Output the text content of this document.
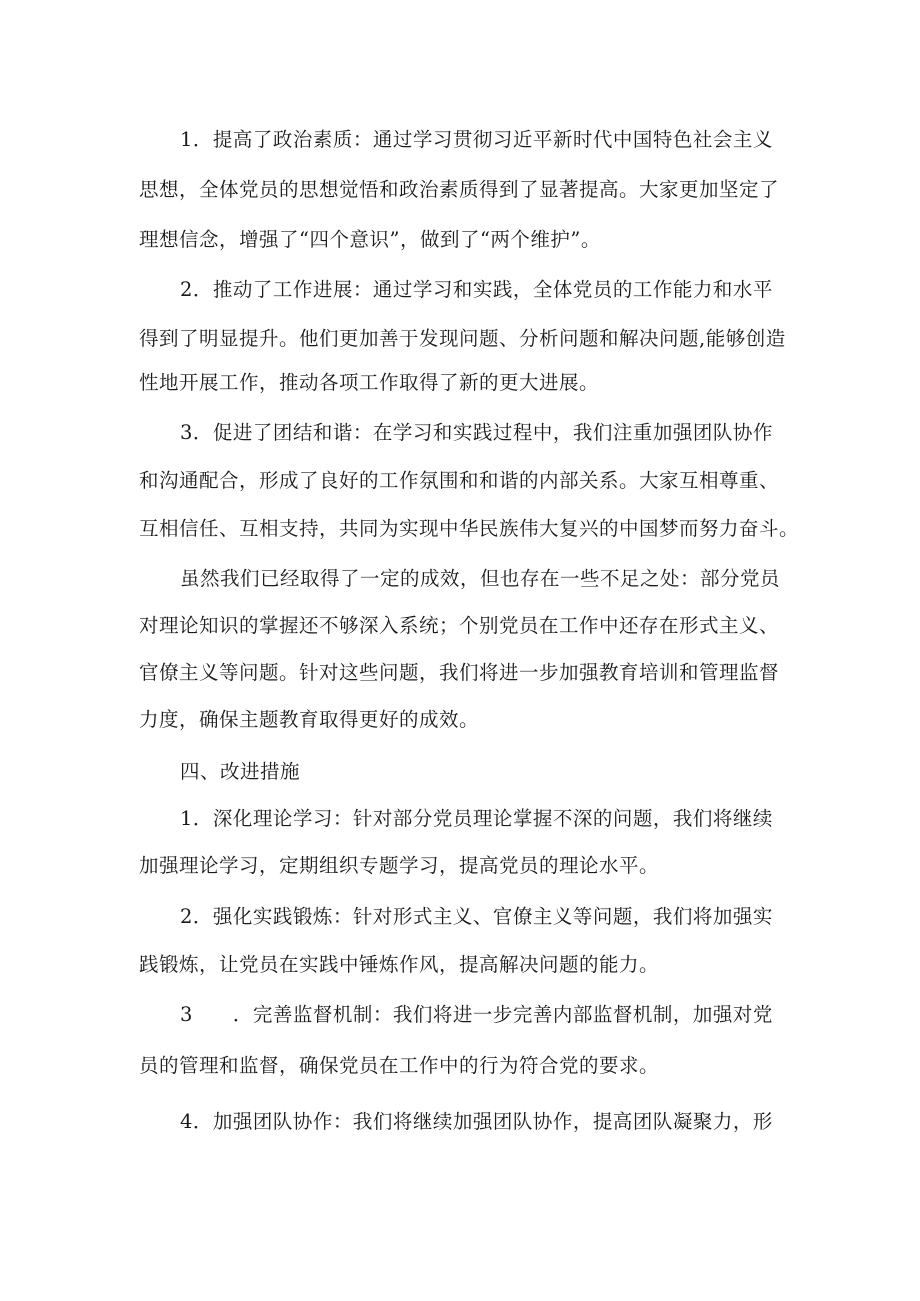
1．提高了政治素质：通过学习贯彻习近平新时代中国特色社会主义
思想，全体党员的思想觉悟和政治素质得到了显著提高。大家更加坚定了
理想信念，增强了“四个意识”，做到了“两个维护”。
2．推动了工作进展：通过学习和实践，全体党员的工作能力和水平
得到了明显提升。他们更加善于发现问题、分析问题和解决问题,能够创造
性地开展工作，推动各项工作取得了新的更大进展。
3．促进了团结和谐：在学习和实践过程中，我们注重加强团队协作
和沟通配合，形成了良好的工作氛围和和谐的内部关系。大家互相尊重、
互相信任、互相支持，共同为实现中华民族伟大复兴的中国梦而努力奋斗。
虽然我们已经取得了一定的成效，但也存在一些不足之处：部分党员
对理论知识的掌握还不够深入系统；个别党员在工作中还存在形式主义、
官僚主义等问题。针对这些问题，我们将进一步加强教育培训和管理监督
力度，确保主题教育取得更好的成效。
四、改进措施
1．深化理论学习：针对部分党员理论掌握不深的问题，我们将继续
加强理论学习，定期组织专题学习，提高党员的理论水平。
2．强化实践锻炼：针对形式主义、官僚主义等问题，我们将加强实
践锻炼，让党员在实践中锤炼作风，提高解决问题的能力。
3　　．完善监督机制：我们将进一步完善内部监督机制，加强对党
员的管理和监督，确保党员在工作中的行为符合党的要求。
4．加强团队协作：我们将继续加强团队协作，提高团队凝聚力，形
